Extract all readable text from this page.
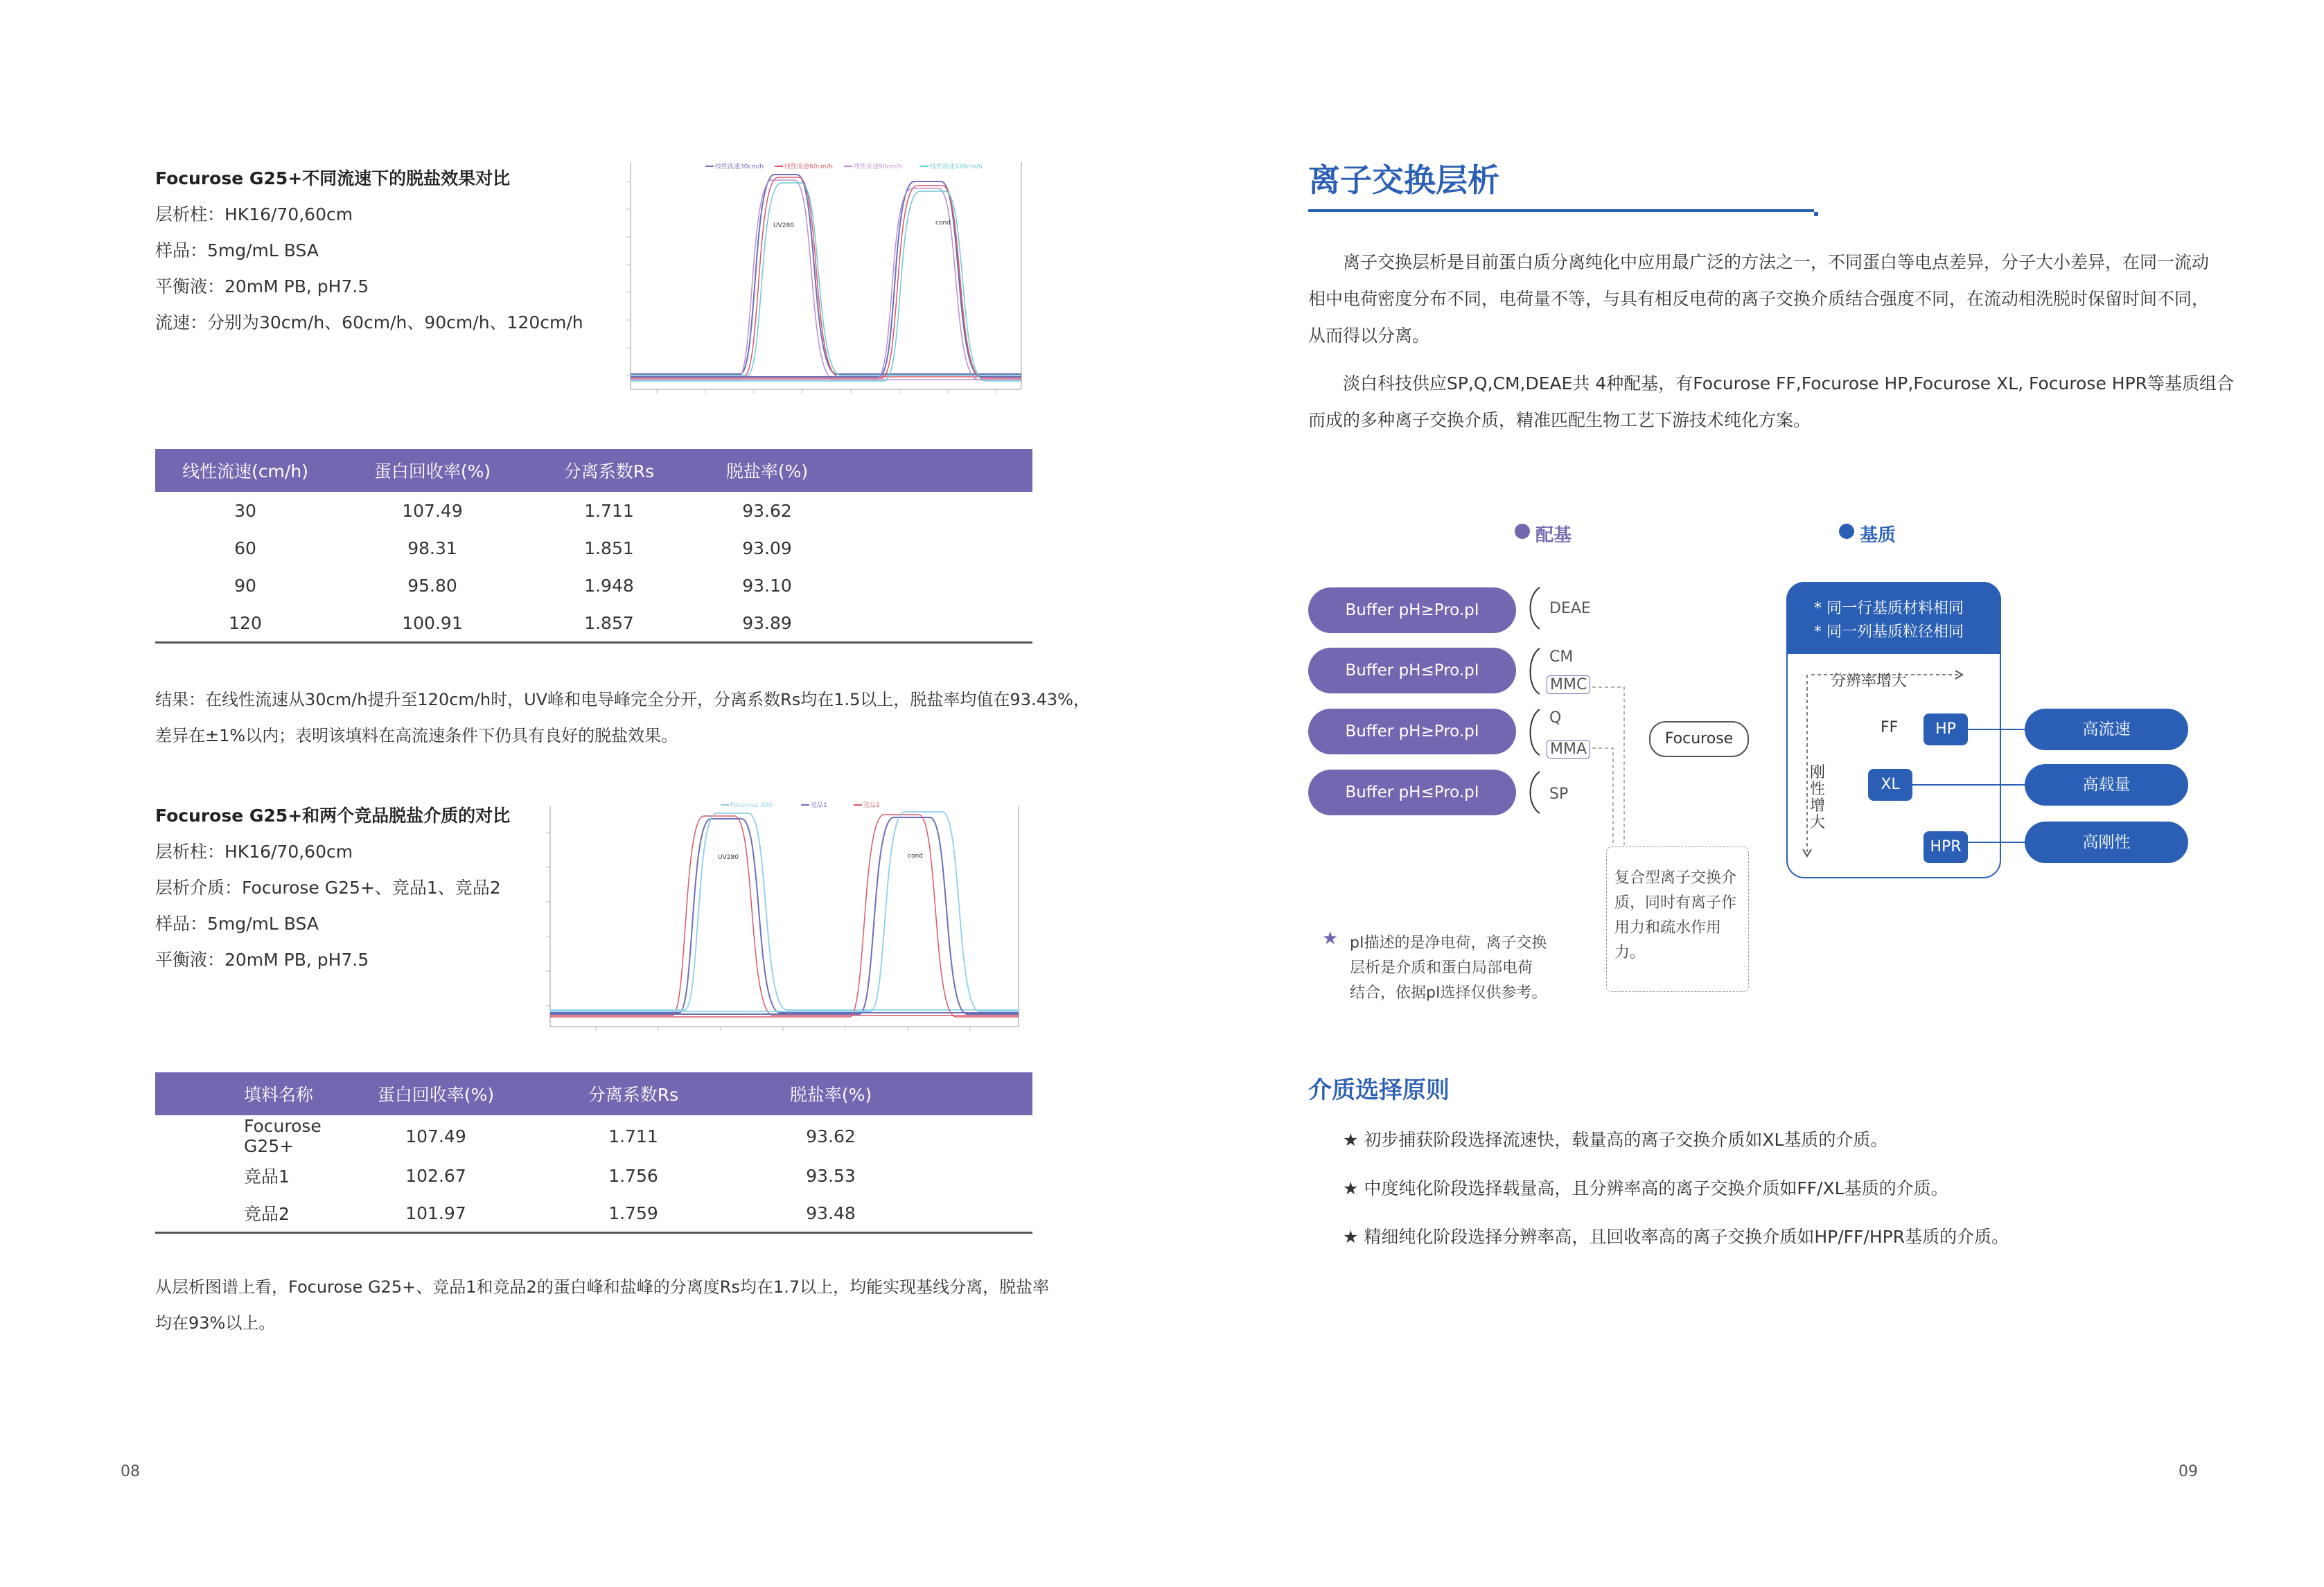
Focurose G25+不同流速下的脱盐效果对比
层析柱：HK16/70,60cm
样品：5mg/mL BSA
平衡液：20mM PB, pH7.5
流速：分别为30cm/h、60cm/h、90cm/h、120cm/h
线性流速30cm/h	线性流速60cm/h	线性流速90cm/h	线性流速120cm/h
UV280	cond
线性流速(cm/h)	蛋白回收率(%)	分离系数Rs	脱盐率(%)	
30	107.49	1.711	93.62	
60	98.31	1.851	93.09	
90	95.80	1.948	93.10	
120	100.91	1.857	93.89	
结果：在线性流速从30cm/h提升至120cm/h时，UV峰和电导峰完全分开，分离系数Rs均在1.5以上，脱盐率均值在93.43%，
差异在±1%以内；表明该填料在高流速条件下仍具有良好的脱盐效果。
Focurose G25+和两个竞品脱盐介质的对比
层析柱：HK16/70,60cm
层析介质：Focurose G25+、竞品1、竞品2
样品：5mg/mL BSA
平衡液：20mM PB, pH7.5
Focurose 300	竞品1	竞品2
UV280	cond
填料名称	蛋白回收率(%)	分离系数Rs	脱盐率(%)	
Focurose G25+	107.49	1.711	93.62	
竞品1	102.67	1.756	93.53	
竞品2	101.97	1.759	93.48	
从层析图谱上看，Focurose G25+、竞品1和竞品2的蛋白峰和盐峰的分离度Rs均在1.7以上，均能实现基线分离，脱盐率
均在93%以上。
08
离子交换层析
离子交换层析是目前蛋白质分离纯化中应用最广泛的方法之一，不同蛋白等电点差异，分子大小差异，在同一流动
相中电荷密度分布不同，电荷量不等，与具有相反电荷的离子交换介质结合强度不同，在流动相洗脱时保留时间不同，
从而得以分离。
淡白科技供应SP,Q,CM,DEAE共 4种配基，有Focurose FF,Focurose HP,Focurose XL, Focurose HPR等基质组合
而成的多种离子交换介质，精准匹配生物工艺下游技术纯化方案。
配基	基质
Buffer pH≥Pro.pI
Buffer pH≤Pro.pI
Buffer pH≥Pro.pI
Buffer pH≤Pro.pI
DEAE
CM
MMC
Q
MMA
SP
Focurose
复合型离子交换介
质，同时有离子作
用力和疏水作用
力。
★ pI描述的是净电荷，离子交换
层析是介质和蛋白局部电荷
结合，依据pI选择仅供参考。
* 同一行基质材料相同
* 同一列基质粒径相同
分辨率增大
刚
性
增
大
FF	HP
XL
HPR
高流速
高载量
高刚性
介质选择原则
★ 初步捕获阶段选择流速快，载量高的离子交换介质如XL基质的介质。
★ 中度纯化阶段选择载量高，且分辨率高的离子交换介质如FF/XL基质的介质。
★ 精细纯化阶段选择分辨率高，且回收率高的离子交换介质如HP/FF/HPR基质的介质。
09
